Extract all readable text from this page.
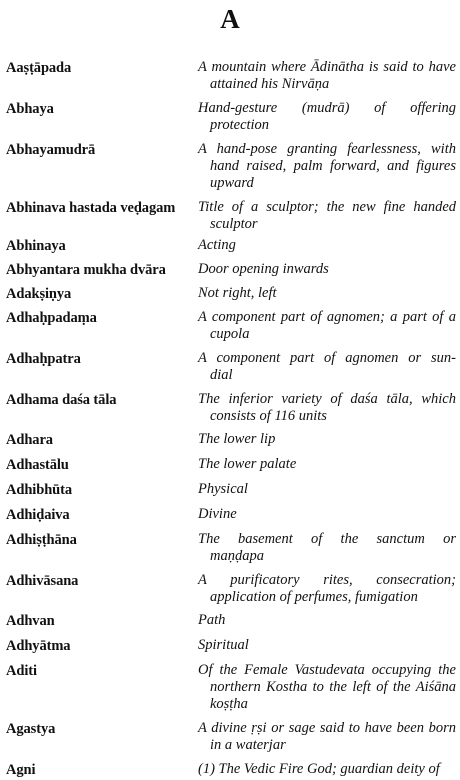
A
Aaṣṭāpada	A mountain where Ādinātha is said to have
attained his Nirvāṇa
Abhaya	Hand-gesture (mudrā) of offering
protection
Abhayamudrā	A hand-pose granting fearlessness, with
hand raised, palm forward, and figures
upward
Abhinava hastada veḍagam	Title of a sculptor; the new fine handed
sculptor
Abhinaya	Acting
Abhyantara mukha dvāra	Door opening inwards
Adakṣiṇya	Not right, left
Adhaḥpadaṃa	A component part of agnomen; a part of a
cupola
Adhaḥpatra	A component part of agnomen or sun-
dial
Adhama daśa tāla	The inferior variety of daśa tāla, which
consists of 116 units
Adhara	The lower lip
Adhastālu	The lower palate
Adhibhūta	Physical
Adhiḍaiva	Divine
Adhiṣṭhāna	The basement of the sanctum or
maṇḍapa
Adhivāsana	A purificatory rites, consecration;
application of perfumes, fumigation
Adhvan	Path
Adhyātma	Spiritual
Aditi	Of the Female Vastudevata occupying the
northern Kostha to the left of the Aiśāna
koṣṭha
Agastya	A divine ṛṣi or sage said to have been born
in a waterjar
Agni	(1) The Vedic Fire God; guardian deity of
